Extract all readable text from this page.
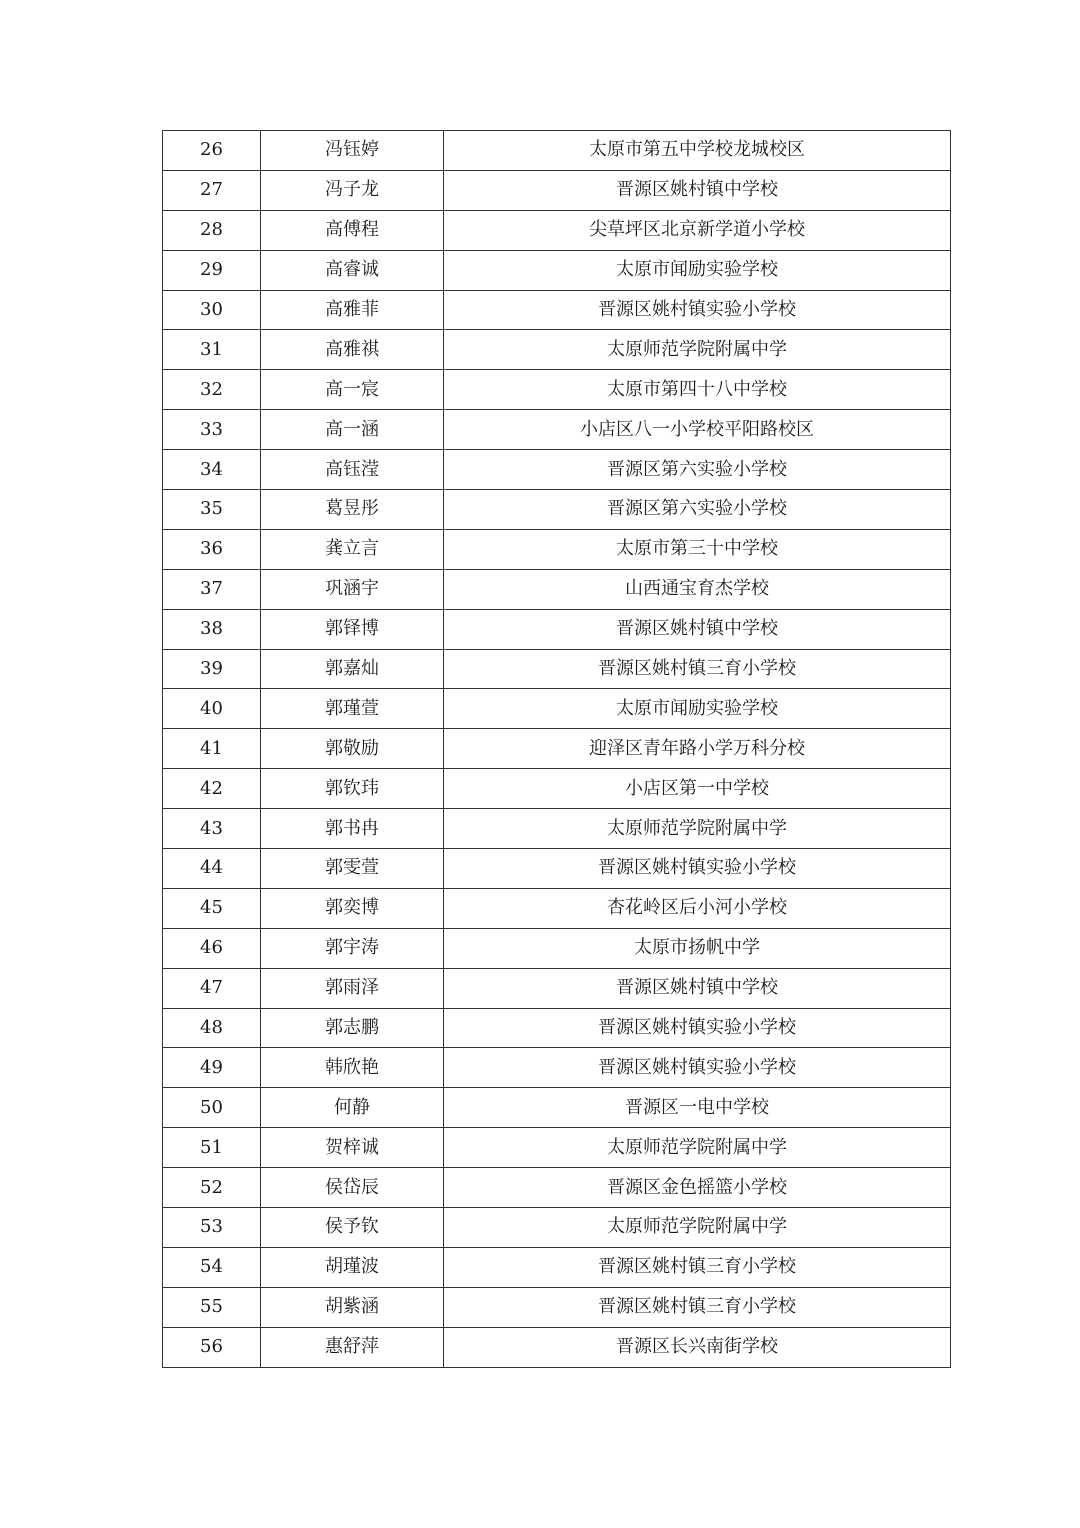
26	冯钰婷	太原市第五中学校龙城校区
27	冯子龙	晋源区姚村镇中学校
28	高傅程	尖草坪区北京新学道小学校
29	高睿诚	太原市闻励实验学校
30	高雅菲	晋源区姚村镇实验小学校
31	高雅祺	太原师范学院附属中学
32	高一宸	太原市第四十八中学校
33	高一涵	小店区八一小学校平阳路校区
34	高钰滢	晋源区第六实验小学校
35	葛昱彤	晋源区第六实验小学校
36	龚立言	太原市第三十中学校
37	巩涵宇	山西通宝育杰学校
38	郭铎博	晋源区姚村镇中学校
39	郭嘉灿	晋源区姚村镇三育小学校
40	郭瑾萱	太原市闻励实验学校
41	郭敬励	迎泽区青年路小学万科分校
42	郭钦玮	小店区第一中学校
43	郭书冉	太原师范学院附属中学
44	郭雯萱	晋源区姚村镇实验小学校
45	郭奕博	杏花岭区后小河小学校
46	郭宇涛	太原市扬帆中学
47	郭雨泽	晋源区姚村镇中学校
48	郭志鹏	晋源区姚村镇实验小学校
49	韩欣艳	晋源区姚村镇实验小学校
50	何静	晋源区一电中学校
51	贺梓诚	太原师范学院附属中学
52	侯岱辰	晋源区金色摇篮小学校
53	侯予钦	太原师范学院附属中学
54	胡瑾波	晋源区姚村镇三育小学校
55	胡紫涵	晋源区姚村镇三育小学校
56	惠舒萍	晋源区长兴南街学校
